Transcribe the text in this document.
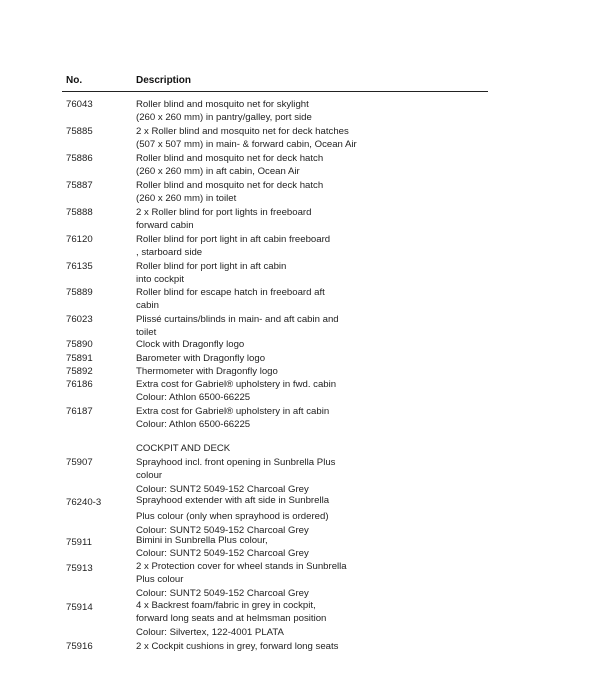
No.	Description
76043	Roller blind and mosquito net for skylight
(260 x 260 mm) in pantry/galley, port side
75885	2 x Roller blind and mosquito net for deck hatches
(507 x 507 mm) in main- & forward cabin, Ocean Air
75886	Roller blind and mosquito net for deck hatch
(260 x 260 mm) in aft cabin, Ocean Air
75887	Roller blind and mosquito net for deck hatch
(260 x 260 mm) in toilet
75888	2 x Roller blind for port lights in freeboard
forward cabin
76120	Roller blind for port light in aft cabin freeboard
, starboard side
76135	Roller blind for port light in aft cabin
into cockpit
75889	Roller blind for escape hatch in freeboard aft
cabin
76023	Plissé curtains/blinds in main- and aft cabin and
toilet
75890	Clock with Dragonfly logo
75891	Barometer with Dragonfly logo
75892	Thermometer with Dragonfly logo
76186	Extra cost for Gabriel® upholstery in fwd. cabin
Colour: Athlon 6500-66225
76187	Extra cost for Gabriel® upholstery in aft cabin
Colour: Athlon 6500-66225
COCKPIT AND DECK
75907	Sprayhood incl. front opening in Sunbrella Plus
colour
Colour: SUNT2 5049-152 Charcoal Grey
76240-3	Sprayhood extender with aft side in Sunbrella
Plus colour (only when sprayhood is ordered)
Colour: SUNT2 5049-152 Charcoal Grey
75911	Bimini in Sunbrella Plus colour,
Colour: SUNT2 5049-152 Charcoal Grey
75913	2 x Protection cover for wheel stands in Sunbrella
Plus colour
Colour: SUNT2 5049-152 Charcoal Grey
75914	4 x Backrest foam/fabric in grey in cockpit,
forward long seats and at helmsman position
Colour: Silvertex, 122-4001 PLATA
75916	2 x Cockpit cushions in grey, forward long seats
